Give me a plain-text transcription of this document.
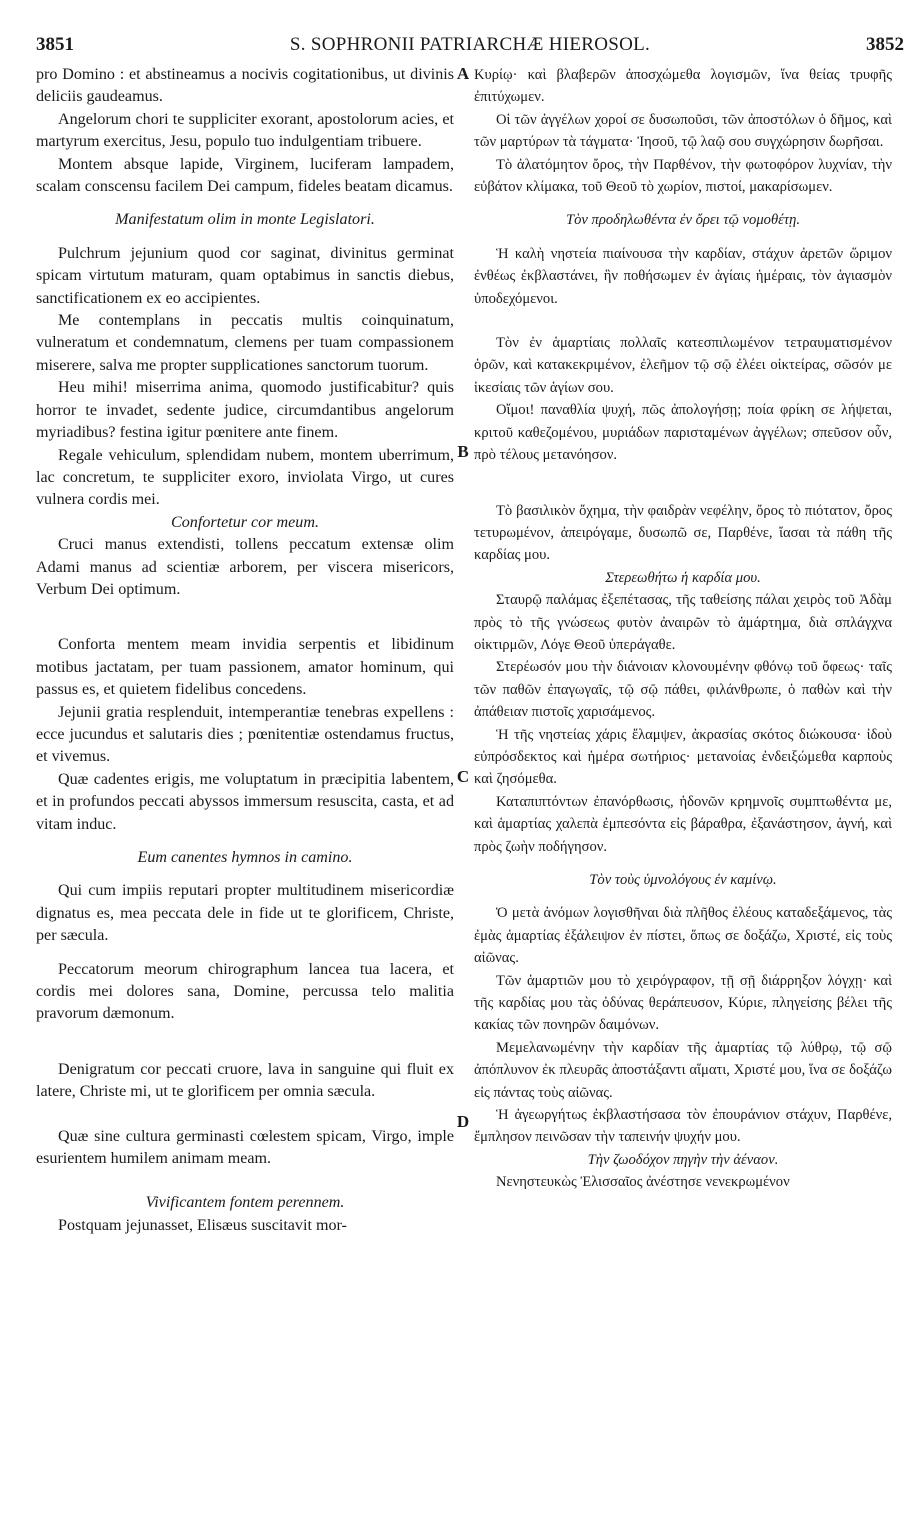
3851	S. SOPHRONII PATRIARCHÆ HIEROSOL.	3852
A
B
C
D

pro Domino : et abstineamus a nocivis cogitationibus, ut divinis deliciis gaudeamus.

Angelorum chori te suppliciter exorant, apostolorum acies, et martyrum exercitus, Jesu, populo tuo indulgentiam tribuere.

Montem absque lapide, Virginem, luciferam lampadem, scalam conscensu facilem Dei campum, fideles beatam dicamus.

Manifestatum olim in monte Legislatori.

Pulchrum jejunium quod cor saginat, divinitus germinat spicam virtutum maturam, quam optabimus in sanctis diebus, sanctificationem ex eo accipientes.

Me contemplans in peccatis multis coinquinatum, vulneratum et condemnatum, clemens per tuam compassionem miserere, salva me propter supplicationes sanctorum tuorum.

Heu mihi! miserrima anima, quomodo justificabitur? quis horror te invadet, sedente judice, circumdantibus angelorum myriadibus? festina igitur pœnitere ante finem.

Regale vehiculum, splendidam nubem, montem uberrimum, lac concretum, te suppliciter exoro, inviolata Virgo, ut cures vulnera cordis mei.

Confortetur cor meum.

Cruci manus extendisti, tollens peccatum extensæ olim Adami manus ad scientiæ arborem, per viscera misericors, Verbum Dei optimum.

Conforta mentem meam invidia serpentis et libidinum motibus jactatam, per tuam passionem, amator hominum, qui passus es, et quietem fidelibus concedens.

Jejunii gratia resplenduit, intemperantiæ tenebras expellens : ecce jucundus et salutaris dies ; pœnitentiæ ostendamus fructus, et vivemus.

Quæ cadentes erigis, me voluptatum in præcipitia labentem, et in profundos peccati abyssos immersum resuscita, casta, et ad vitam induc.

Eum canentes hymnos in camino.

Qui cum impiis reputari propter multitudinem misericordiæ dignatus es, mea peccata dele in fide ut te glorificem, Christe, per sæcula.

Peccatorum meorum chirographum lancea tua lacera, et cordis mei dolores sana, Domine, percussa telo malitia pravorum dæmonum.

Denigratum cor peccati cruore, lava in sanguine qui fluit ex latere, Christe mi, ut te glorificem per omnia sæcula.

Quæ sine cultura germinasti cœlestem spicam, Virgo, imple esurientem humilem animam meam.

Vivificantem fontem perennem.

Postquam jejunasset, Elisæus suscitavit mor-

Κυρίῳ· καὶ βλαβερῶν ἀποσχώμεθα λογισμῶν, ἵνα θείας τρυφῆς ἐπιτύχωμεν.

Οἱ τῶν ἀγγέλων χοροί σε δυσωποῦσι, τῶν ἀποστόλων ὁ δῆμος, καὶ τῶν μαρτύρων τὰ τάγματα· Ἰησοῦ, τῷ λαῷ σου συγχώρησιν δωρῆσαι.

Τὸ ἀλατόμητον ὄρος, τὴν Παρθένον, τὴν φωτοφόρον λυχνίαν, τὴν εὐβάτον κλίμακα, τοῦ Θεοῦ τὸ χωρίον, πιστοί, μακαρίσωμεν.

Τὸν προδηλωθέντα ἐν ὄρει τῷ νομοθέτῃ.

Ἡ καλὴ νηστεία πιαίνουσα τὴν καρδίαν, στάχυν ἀρετῶν ὥριμον ἐνθέως ἐκβλαστάνει, ἣν ποθήσωμεν ἐν ἁγίαις ἡμέραις, τὸν ἁγιασμὸν ὑποδεχόμενοι.

Τὸν ἐν ἁμαρτίαις πολλαῖς κατεσπιλωμένον τετραυματισμένον ὁρῶν, καὶ κατακεκριμένον, ἐλεῆμον τῷ σῷ ἐλέει οἰκτείρας, σῶσόν με ἱκεσίαις τῶν ἁγίων σου.

Οἴμοι! παναθλία ψυχή, πῶς ἀπολογήσῃ; ποία φρίκη σε λήψεται, κριτοῦ καθεζομένου, μυριάδων παρισταμένων ἀγγέλων; σπεῦσον οὖν, πρὸ τέλους μετανόησον.

Τὸ βασιλικὸν ὄχημα, τὴν φαιδρὰν νεφέλην, ὄρος τὸ πιότατον, ὄρος τετυρωμένον, ἀπειρόγαμε, δυσωπῶ σε, Παρθένε, ἴασαι τὰ πάθη τῆς καρδίας μου.

Στερεωθήτω ἡ καρδία μου.

Σταυρῷ παλάμας ἐξεπέτασας, τῆς ταθείσης πάλαι χειρὸς τοῦ Ἀδὰμ πρὸς τὸ τῆς γνώσεως φυτὸν ἀναιρῶν τὸ ἁμάρτημα, διὰ σπλάγχνα οἰκτιρμῶν, Λόγε Θεοῦ ὑπεράγαθε.

Στερέωσόν μου τὴν διάνοιαν κλονουμένην φθόνῳ τοῦ ὄφεως· ταῖς τῶν παθῶν ἐπαγωγαῖς, τῷ σῷ πάθει, φιλάνθρωπε, ὁ παθὼν καὶ τὴν ἀπάθειαν πιστοῖς χαρισάμενος.

Ἡ τῆς νηστείας χάρις ἔλαμψεν, ἀκρασίας σκότος διώκουσα· ἰδοὺ εὐπρόσδεκτος καὶ ἡμέρα σωτήριος· μετανοίας ἐνδειξώμεθα καρποὺς καὶ ζησόμεθα.

Καταπιπτόντων ἐπανόρθωσις, ἡδονῶν κρημνοῖς συμπτωθέντα με, καὶ ἁμαρτίας χαλεπὰ ἐμπεσόντα εἰς βάραθρα, ἐξανάστησον, ἁγνή, καὶ πρὸς ζωὴν ποδήγησον.

Τὸν τοὺς ὑμνολόγους ἐν καμίνῳ.

Ὁ μετὰ ἀνόμων λογισθῆναι διὰ πλῆθος ἐλέους καταδεξάμενος, τὰς ἐμὰς ἁμαρτίας ἐξάλειψον ἐν πίστει, ὅπως σε δοξάζω, Χριστέ, εἰς τοὺς αἰῶνας.

Τῶν ἁμαρτιῶν μου τὸ χειρόγραφον, τῇ σῇ διάρρηξον λόγχῃ· καὶ τῆς καρδίας μου τὰς ὀδύνας θεράπευσον, Κύριε, πληγείσης βέλει τῆς κακίας τῶν πονηρῶν δαιμόνων.

Μεμελανωμένην τὴν καρδίαν τῆς ἁμαρτίας τῷ λύθρῳ, τῷ σῷ ἀπόπλυνον ἐκ πλευρᾶς ἀποστάξαντι αἵματι, Χριστέ μου, ἵνα σε δοξάζω εἰς πάντας τοὺς αἰῶνας.

Ἡ ἀγεωργήτως ἐκβλαστήσασα τὸν ἐπουράνιον στάχυν, Παρθένε, ἔμπλησον πεινῶσαν τὴν ταπεινήν ψυχήν μου.

Τὴν ζωοδόχον πηγὴν τὴν ἀέναον.

Νενηστευκὼς Ἐλισσαῖος ἀνέστησε νενεκρωμένον
